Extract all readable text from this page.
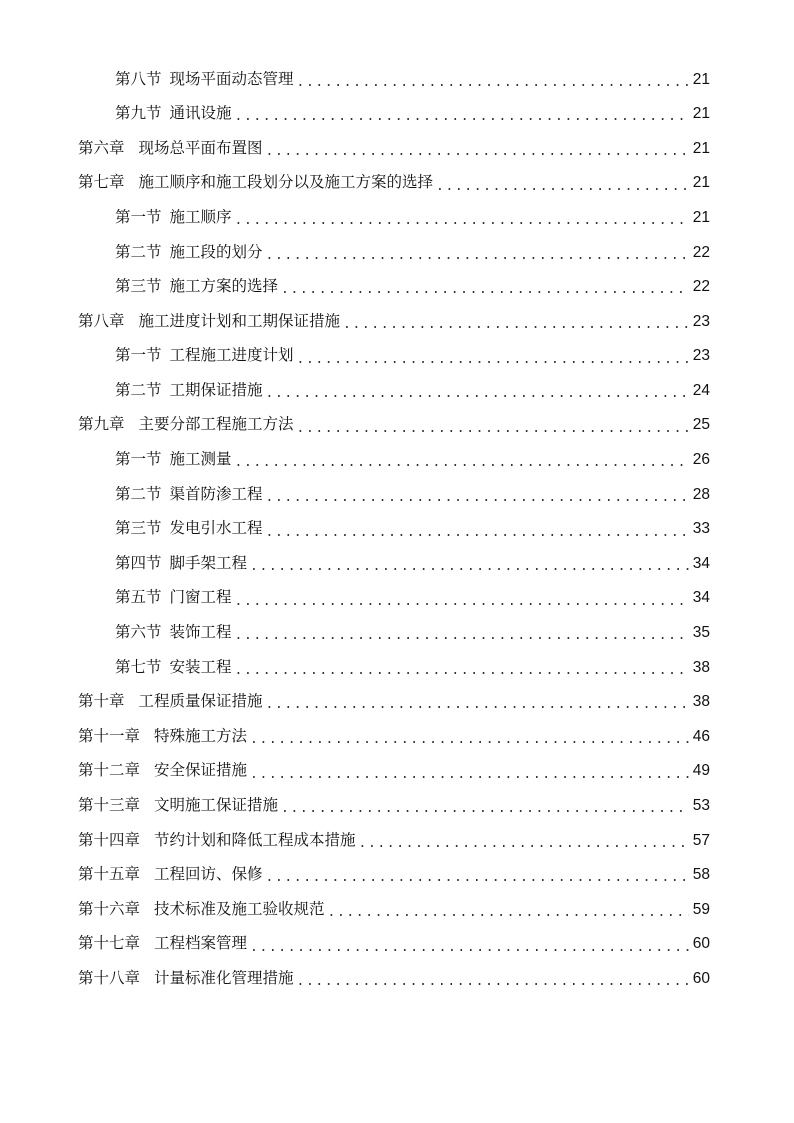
第八节 现场平面动态管理 .....	21
第九节 通讯设施 .....	21
第六章 现场总平面布置图 .....	21
第七章 施工顺序和施工段划分以及施工方案的选择 .....	21
第一节 施工顺序 .....	21
第二节 施工段的划分 .....	22
第三节 施工方案的选择 .....	22
第八章 施工进度计划和工期保证措施 .....	23
第一节 工程施工进度计划 .....	23
第二节 工期保证措施 .....	24
第九章 主要分部工程施工方法 .....	25
第一节 施工测量 .....	26
第二节 渠首防渗工程 .....	28
第三节 发电引水工程 .....	33
第四节 脚手架工程 .....	34
第五节 门窗工程 .....	34
第六节 装饰工程 .....	35
第七节 安装工程 .....	38
第十章 工程质量保证措施 .....	38
第十一章 特殊施工方法 .....	46
第十二章 安全保证措施 .....	49
第十三章 文明施工保证措施 .....	53
第十四章 节约计划和降低工程成本措施 .....	57
第十五章 工程回访、保修 .....	58
第十六章 技术标准及施工验收规范 .....	59
第十七章 工程档案管理 .....	60
第十八章 计量标准化管理措施 .....	60
